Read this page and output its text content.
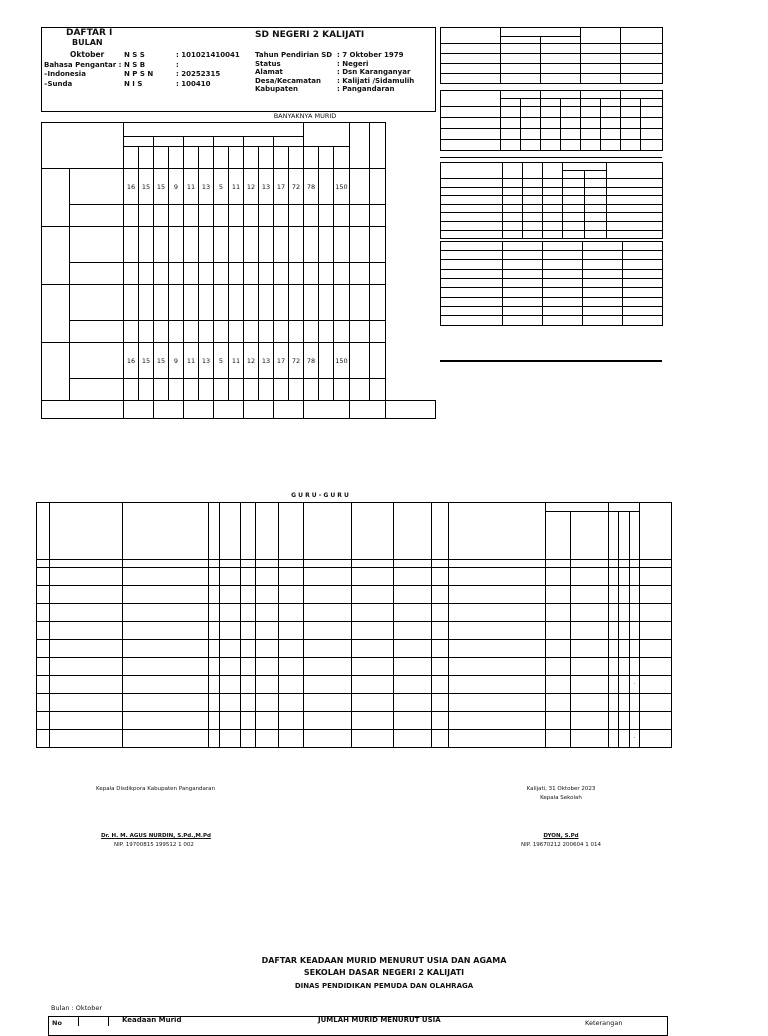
DAFTAR I
BULAN
Oktober
Bahasa Pengantar :
–Indonesia
–Sunda
SD NEGERI 2 KALIJATI
N S S	: 101021410041
N S B	:
N P S N	: 20252315
N I S	: 100410
Tahun Pendirian SD : 7 Oktober 1979
Status	: Negeri
Alamat	: Dsn Karanganyar
Desa/Kecamatan	: Kalijati /Sidamulih
Kabupaten	: Pangandaran
BANYAKNYA MURID

		16	15	15	9	11	13	5	11	12	13	17	72	78		150			

		16	15	15	9	11	13	5	11	12	13	17	72	78		150			

G U R U - G U R U

					-	

					-	
Kepala Disdikpora Kabupaten Pangandaran
Dr. H. M. AGUS NURDIN, S.Pd.,M.Pd
NIP. 19700815 199512 1 002
Kalijati, 31 Oktober 2023
Kepala Sekolah
DYON, S.Pd
NIP. 19670212 200604 1 014
DAFTAR KEADAAN MURID MENURUT USIA DAN AGAMA
SEKOLAH DASAR NEGERI 2 KALIJATI
DINAS PENDIDIKAN PEMUDA DAN OLAHRAGA
Bulan : Oktober
No	Keadaan Murid	JUMLAH MURID MENURUT USIA	Keterangan
